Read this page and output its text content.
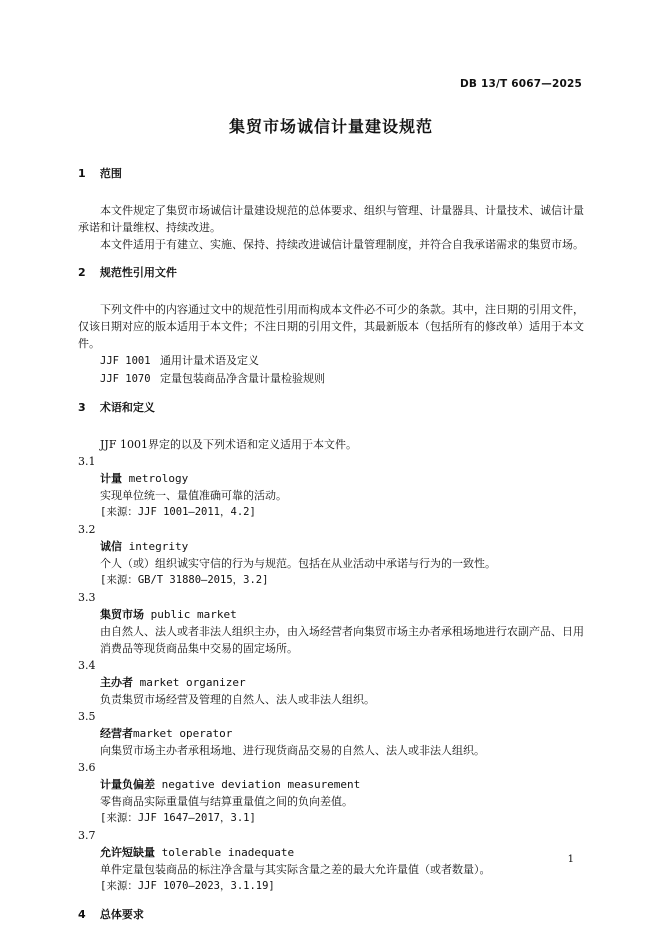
DB 13/T 6067—2025
集贸市场诚信计量建设规范
1 范围

本文件规定了集贸市场诚信计量建设规范的总体要求、组织与管理、计量器具、计量技术、诚信计量承诺和计量维权、持续改进。

本文件适用于有建立、实施、保持、持续改进诚信计量管理制度，并符合自我承诺需求的集贸市场。

2 规范性引用文件

下列文件中的内容通过文中的规范性引用而构成本文件必不可少的条款。其中，注日期的引用文件，仅该日期对应的版本适用于本文件；不注日期的引用文件，其最新版本（包括所有的修改单）适用于本文件。

JJF 1001 通用计量术语及定义

JJF 1070 定量包装商品净含量计量检验规则

3 术语和定义

JJF 1001界定的以及下列术语和定义适用于本文件。

3.1

计量 metrology

实现单位统一、量值准确可靠的活动。

[来源：JJF 1001—2011，4.2]

3.2

诚信 integrity

个人（或）组织诚实守信的行为与规范。包括在从业活动中承诺与行为的一致性。

[来源：GB/T 31880—2015，3.2]

3.3

集贸市场 public market

由自然人、法人或者非法人组织主办，由入场经营者向集贸市场主办者承租场地进行农副产品、日用消费品等现货商品集中交易的固定场所。

3.4

主办者 market organizer

负责集贸市场经营及管理的自然人、法人或非法人组织。

3.5

经营者market operator

向集贸市场主办者承租场地、进行现货商品交易的自然人、法人或非法人组织。

3.6

计量负偏差 negative deviation measurement

零售商品实际重量值与结算重量值之间的负向差值。

[来源：JJF 1647—2017，3.1]

3.7

允许短缺量 tolerable inadequate

单件定量包装商品的标注净含量与其实际含量之差的最大允许量值（或者数量）。

[来源：JJF 1070—2023，3.1.19]

4 总体要求
1
